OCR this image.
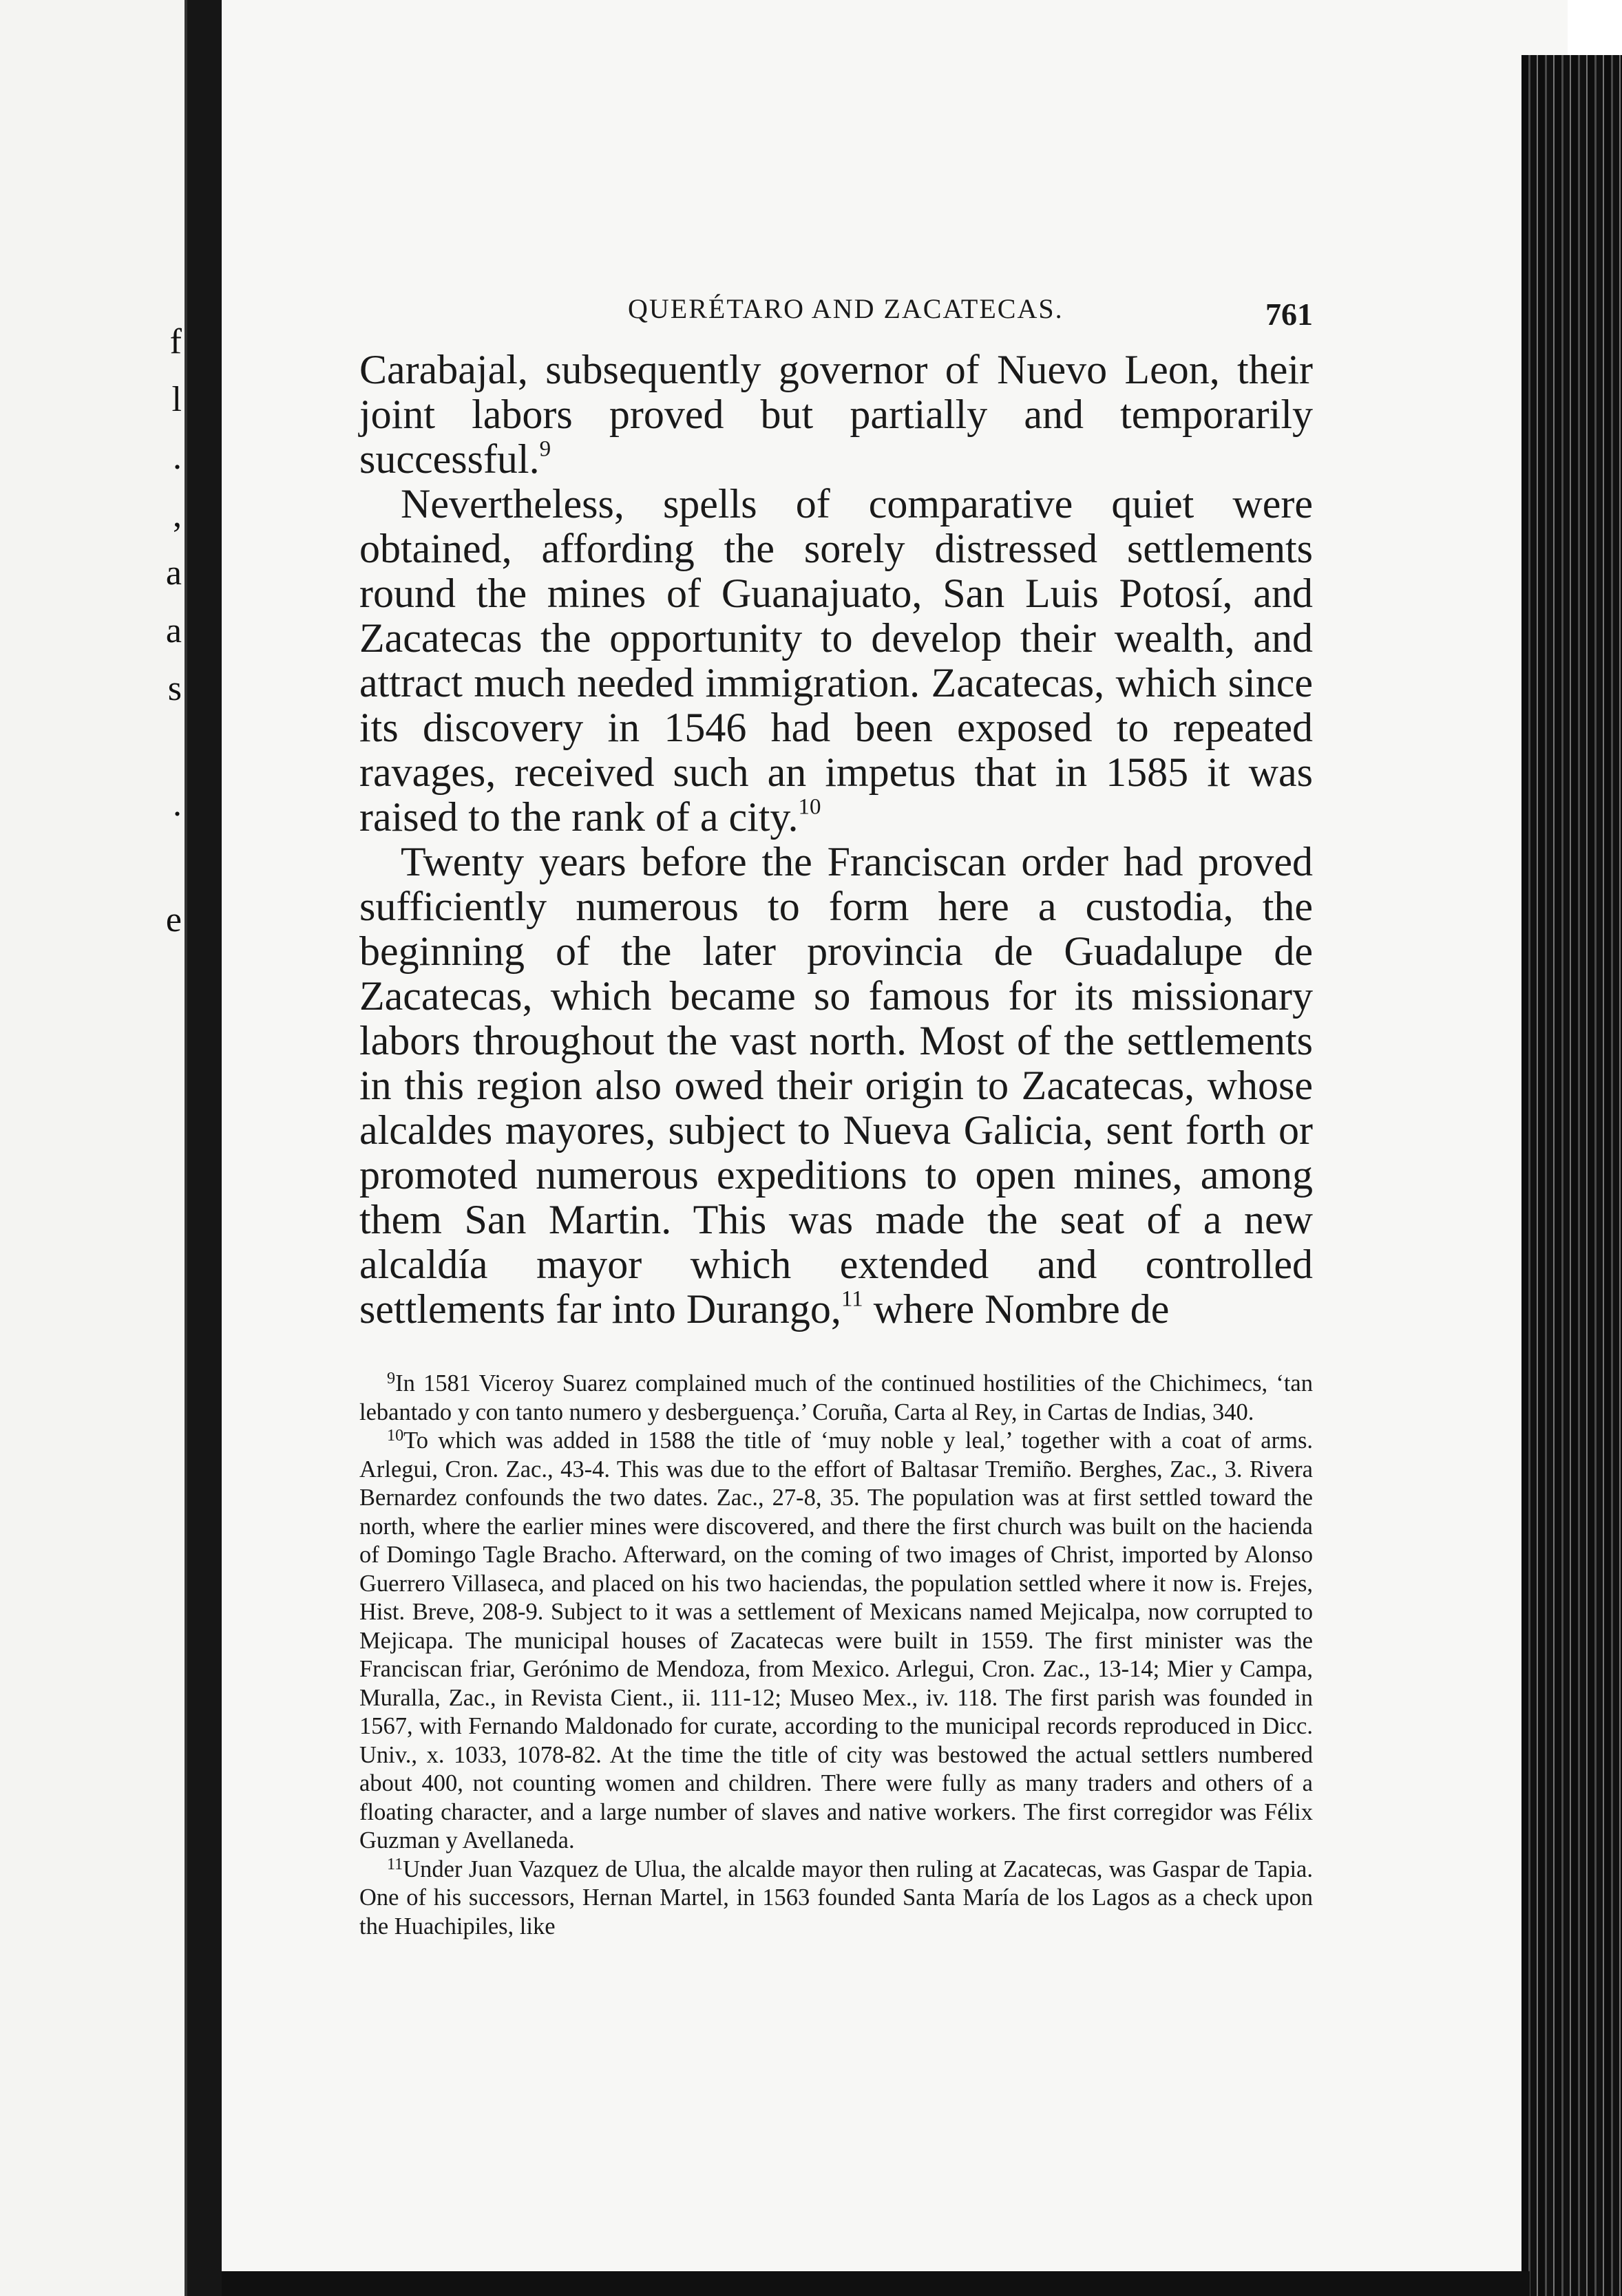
f
l
.
,
a
a
s

.

e
QUERÉTARO AND ZACATECAS.	761

Carabajal, subsequently governor of Nuevo Leon, their joint labors proved but partially and temporarily successful.$^9$

Nevertheless, spells of comparative quiet were obtained, affording the sorely distressed settlements round the mines of Guanajuato, San Luis Potosí, and Zacatecas the opportunity to develop their wealth, and attract much needed immigration. Zacatecas, which since its discovery in 1546 had been exposed to repeated ravages, received such an impetus that in 1585 it was raised to the rank of a city.$^{10}$

Twenty years before the Franciscan order had proved sufficiently numerous to form here a custodia, the beginning of the later provincia de Guadalupe de Zacatecas, which became so famous for its missionary labors throughout the vast north. Most of the settlements in this region also owed their origin to Zacatecas, whose alcaldes mayores, subject to Nueva Galicia, sent forth or promoted numerous expeditions to open mines, among them San Martin. This was made the seat of a new alcaldía mayor which extended and controlled settlements far into Durango,$^{11}$ where Nombre de

$^9$In 1581 Viceroy Suarez complained much of the continued hostilities of the Chichimecs, ‘tan lebantado y con tanto numero y desberguença.’ Coruña, Carta al Rey, in Cartas de Indias, 340.

$^{10}$To which was added in 1588 the title of ‘muy noble y leal,’ together with a coat of arms. Arlegui, Cron. Zac., 43-4. This was due to the effort of Baltasar Tremiño. Berghes, Zac., 3. Rivera Bernardez confounds the two dates. Zac., 27-8, 35. The population was at first settled toward the north, where the earlier mines were discovered, and there the first church was built on the hacienda of Domingo Tagle Bracho. Afterward, on the coming of two images of Christ, imported by Alonso Guerrero Villaseca, and placed on his two haciendas, the population settled where it now is. Frejes, Hist. Breve, 208-9. Subject to it was a settlement of Mexicans named Mejicalpa, now corrupted to Mejicapa. The municipal houses of Zacatecas were built in 1559. The first minister was the Franciscan friar, Gerónimo de Mendoza, from Mexico. Arlegui, Cron. Zac., 13-14; Mier y Campa, Muralla, Zac., in Revista Cient., ii. 111-12; Museo Mex., iv. 118. The first parish was founded in 1567, with Fernando Maldonado for curate, according to the municipal records reproduced in Dicc. Univ., x. 1033, 1078-82. At the time the title of city was bestowed the actual settlers numbered about 400, not counting women and children. There were fully as many traders and others of a floating character, and a large number of slaves and native workers. The first corregidor was Félix Guzman y Avellaneda.

$^{11}$Under Juan Vazquez de Ulua, the alcalde mayor then ruling at Zacatecas, was Gaspar de Tapia. One of his successors, Hernan Martel, in 1563 founded Santa María de los Lagos as a check upon the Huachipiles, like
